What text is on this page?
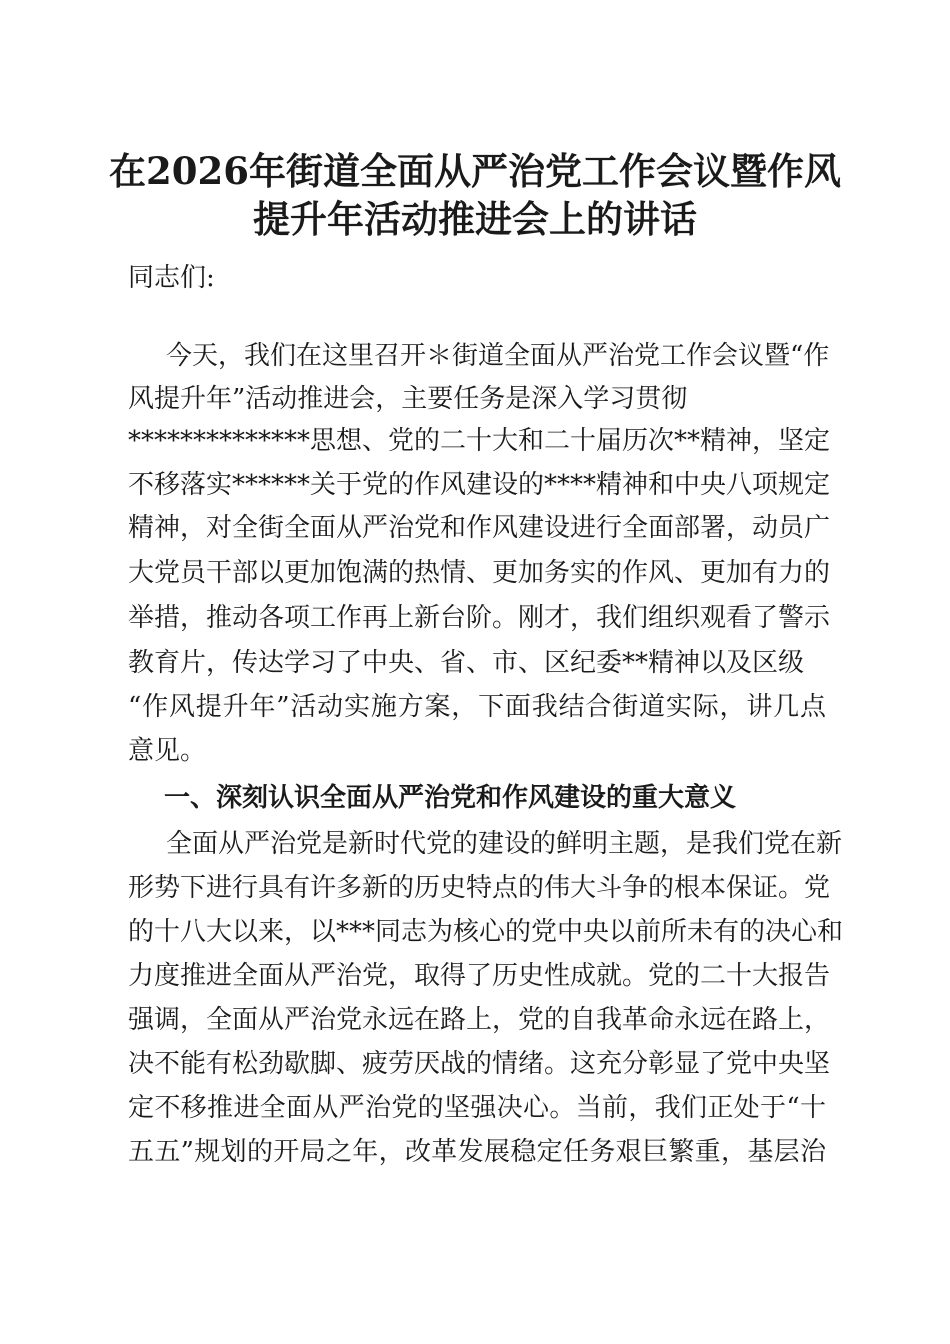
在2026年街道全面从严治党工作会议暨作风
提升年活动推进会上的讲话
同志们:
今天，我们在这里召开＊街道全面从严治党工作会议暨“作
风提升年”活动推进会，主要任务是深入学习贯彻
**************思想、党的二十大和二十届历次**精神，坚定
不移落实******关于党的作风建设的****精神和中央八项规定
精神，对全街全面从严治党和作风建设进行全面部署，动员广
大党员干部以更加饱满的热情、更加务实的作风、更加有力的
举措，推动各项工作再上新台阶。刚才，我们组织观看了警示
教育片，传达学习了中央、省、市、区纪委**精神以及区级
“作风提升年”活动实施方案，下面我结合街道实际，讲几点
意见。
一、深刻认识全面从严治党和作风建设的重大意义
全面从严治党是新时代党的建设的鲜明主题，是我们党在新
形势下进行具有许多新的历史特点的伟大斗争的根本保证。党
的十八大以来，以***同志为核心的党中央以前所未有的决心和
力度推进全面从严治党，取得了历史性成就。党的二十大报告
强调，全面从严治党永远在路上，党的自我革命永远在路上，
决不能有松劲歇脚、疲劳厌战的情绪。这充分彰显了党中央坚
定不移推进全面从严治党的坚强决心。当前，我们正处于“十
五五”规划的开局之年，改革发展稳定任务艰巨繁重，基层治
